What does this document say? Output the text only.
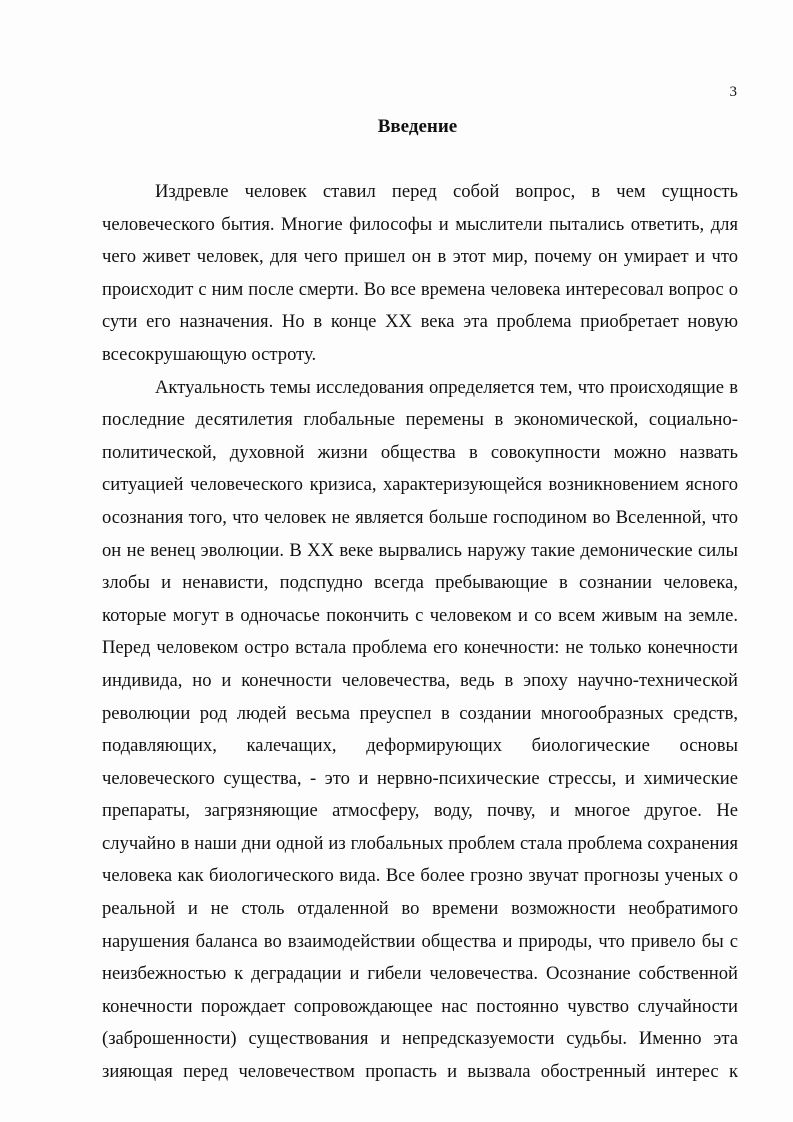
3
Введение
Издревле человек ставил перед собой вопрос, в чем сущность
человеческого бытия. Многие философы и мыслители пытались ответить, для
чего живет человек, для чего пришел он в этот мир, почему он умирает и что
происходит с ним после смерти. Во все времена человека интересовал вопрос о
сути его назначения. Но в конце XX века эта проблема приобретает новую
всесокрушающую остроту.
Актуальность темы исследования определяется тем, что происходящие в
последние десятилетия глобальные перемены в экономической, социально-
политической, духовной жизни общества в совокупности можно назвать
ситуацией человеческого кризиса, характеризующейся возникновением ясного
осознания того, что человек не является больше господином во Вселенной, что
он не венец эволюции. В XX веке вырвались наружу такие демонические силы
злобы и ненависти, подспудно всегда пребывающие в сознании человека,
которые могут в одночасье покончить с человеком и со всем живым на земле.
Перед человеком остро встала проблема его конечности: не только конечности
индивида, но и конечности человечества, ведь в эпоху научно-технической
революции род людей весьма преуспел в создании многообразных средств,
подавляющих, калечащих, деформирующих биологические основы
человеческого существа, - это и нервно-психические стрессы, и химические
препараты, загрязняющие атмосферу, воду, почву, и многое другое. Не
случайно в наши дни одной из глобальных проблем стала проблема сохранения
человека как биологического вида. Все более грозно звучат прогнозы ученых о
реальной и не столь отдаленной во времени возможности необратимого
нарушения баланса во взаимодействии общества и природы, что привело бы с
неизбежностью к деградации и гибели человечества. Осознание собственной
конечности порождает сопровождающее нас постоянно чувство случайности
(заброшенности) существования и непредсказуемости судьбы. Именно эта
зияющая перед человечеством пропасть и вызвала обостренный интерес к
